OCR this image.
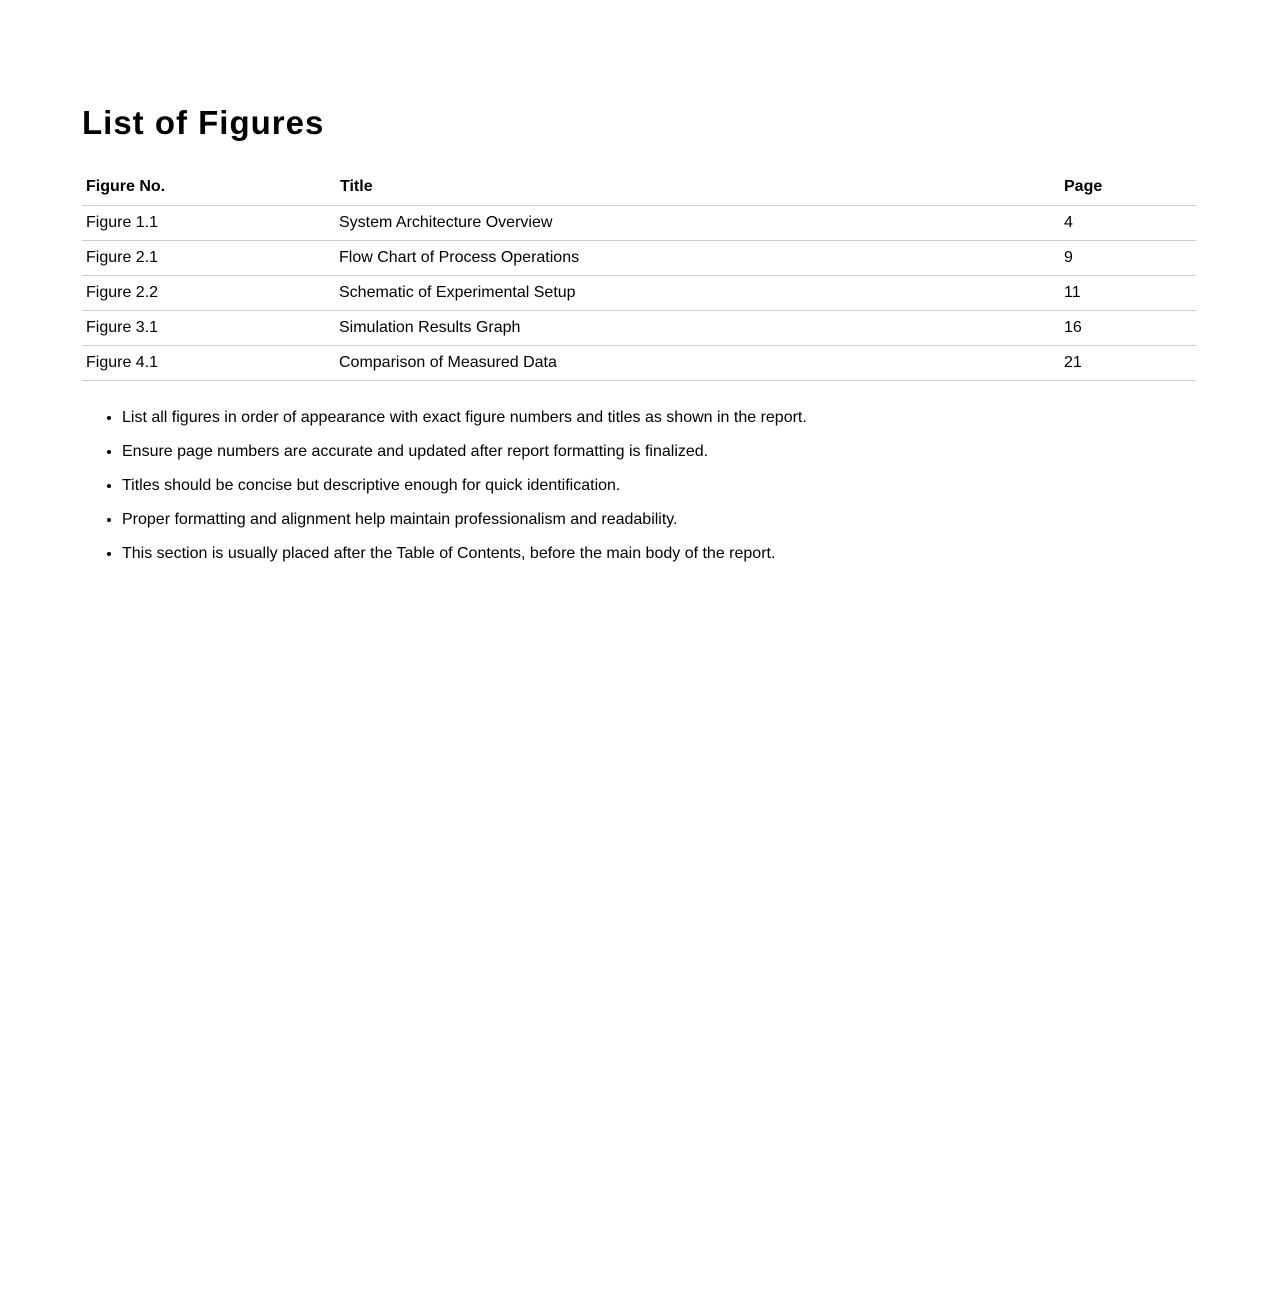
List of Figures
Figure No.	Title	Page
Figure 1.1	System Architecture Overview	4
Figure 2.1	Flow Chart of Process Operations	9
Figure 2.2	Schematic of Experimental Setup	11
Figure 3.1	Simulation Results Graph	16
Figure 4.1	Comparison of Measured Data	21
• List all figures in order of appearance with exact figure numbers and titles as shown in the report.
• Ensure page numbers are accurate and updated after report formatting is finalized.
• Titles should be concise but descriptive enough for quick identification.
• Proper formatting and alignment help maintain professionalism and readability.
• This section is usually placed after the Table of Contents, before the main body of the report.
